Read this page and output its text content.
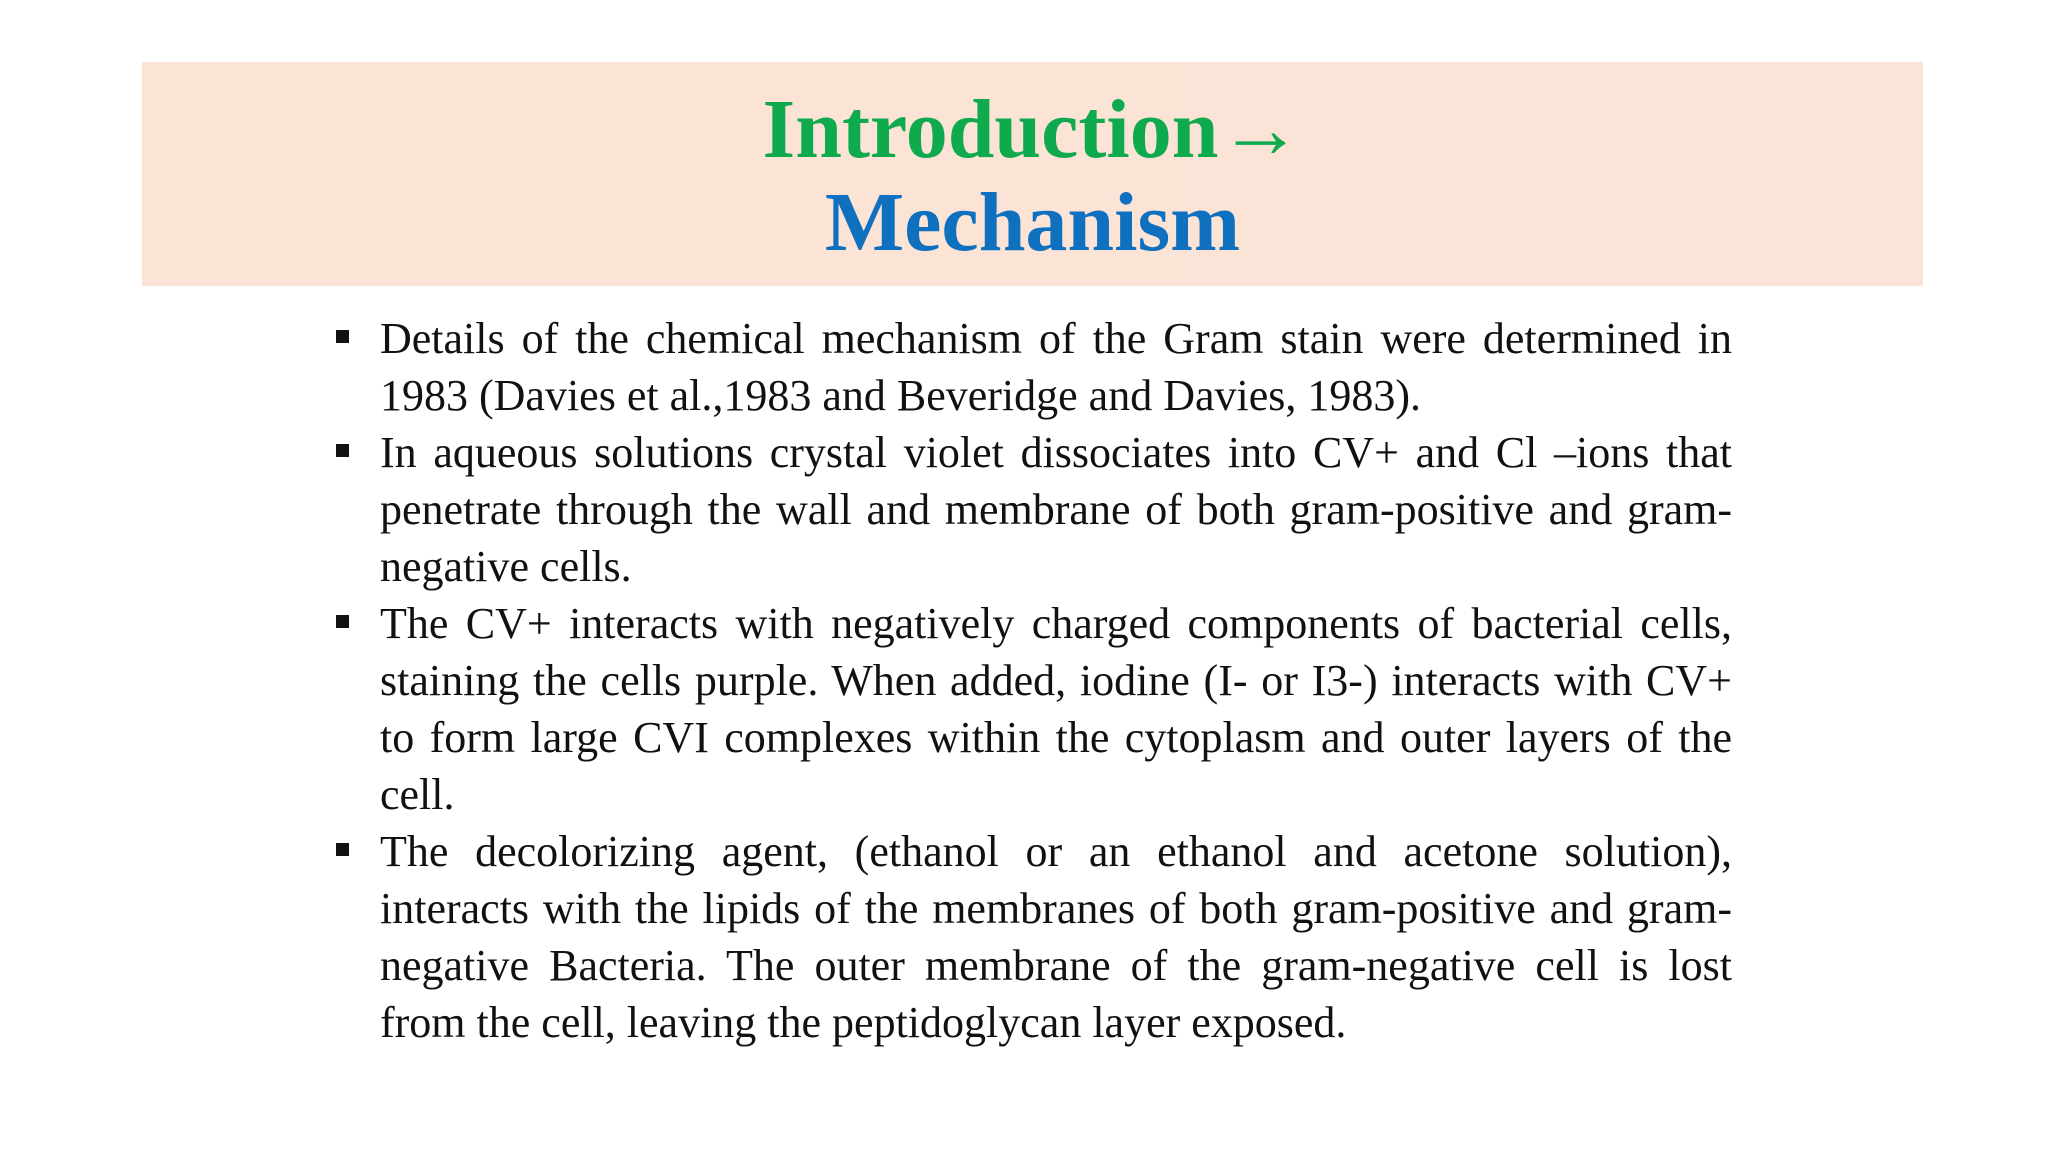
Introduction→
Mechanism
Details of the chemical mechanism of the Gram stain were determined in 1983 (Davies et al.,1983 and Beveridge and Davies, 1983).
In aqueous solutions crystal violet dissociates into CV+ and Cl –ions that penetrate through the wall and membrane of both gram-positive and gram-negative cells.
The CV+ interacts with negatively charged components of bacterial cells, staining the cells purple. When added, iodine (I- or I3-) interacts with CV+ to form large CVI complexes within the cytoplasm and outer layers of the cell.
The decolorizing agent, (ethanol or an ethanol and acetone solution), interacts with the lipids of the membranes of both gram-positive and gram-negative Bacteria. The outer membrane of the gram-negative cell is lost from the cell, leaving the peptidoglycan layer exposed.
